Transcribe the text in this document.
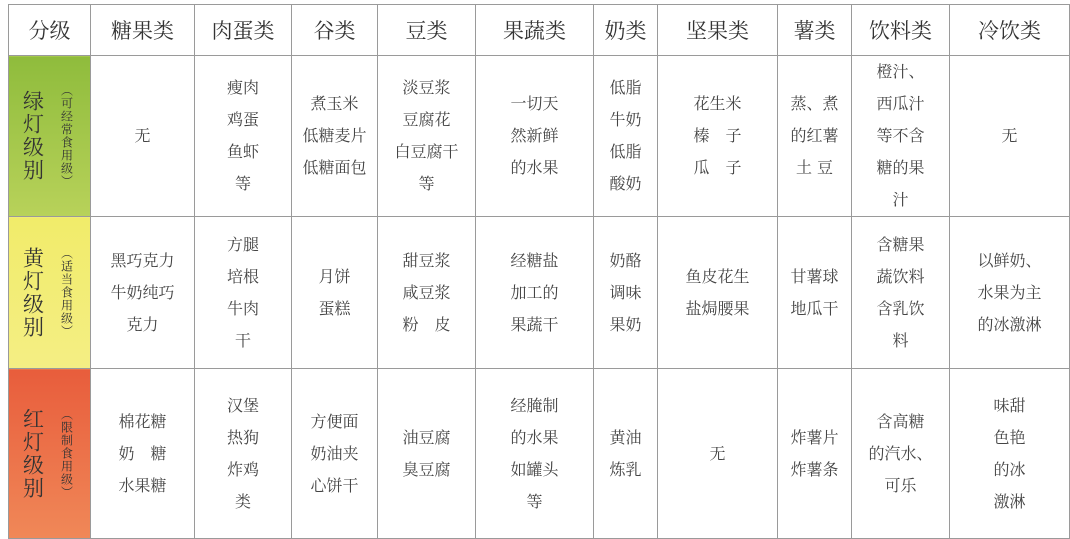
分级	糖果类	肉蛋类	谷类	豆类	果蔬类	奶类	坚果类	薯类	饮料类	冷饮类

绿灯级别 （可经常食用级）	无	瘦肉
鸡蛋
鱼虾
等	煮玉米
低糖麦片
低糖面包	淡豆浆
豆腐花
白豆腐干
等	一切天
然新鲜
的水果	低脂
牛奶
低脂
酸奶	花生米
榛　子
瓜　子	蒸、煮
的红薯
土 豆	橙汁、
西瓜汁
等不含
糖的果
汁	无

黄灯级别 （适当食用级）	黑巧克力
牛奶纯巧
克力	方腿
培根
牛肉
干	月饼
蛋糕	甜豆浆
咸豆浆
粉　皮	经糖盐
加工的
果蔬干	奶酪
调味
果奶	鱼皮花生
盐焗腰果	甘薯球
地瓜干	含糖果
蔬饮料
含乳饮
料	以鲜奶、
水果为主
的冰激淋

红灯级别 （限制食用级）	棉花糖
奶　糖
水果糖	汉堡
热狗
炸鸡
类	方便面
奶油夹
心饼干	油豆腐
臭豆腐	经腌制
的水果
如罐头
等	黄油
炼乳	无	炸薯片
炸薯条	含高糖
的汽水、
可乐	味甜
色艳
的冰
激淋
